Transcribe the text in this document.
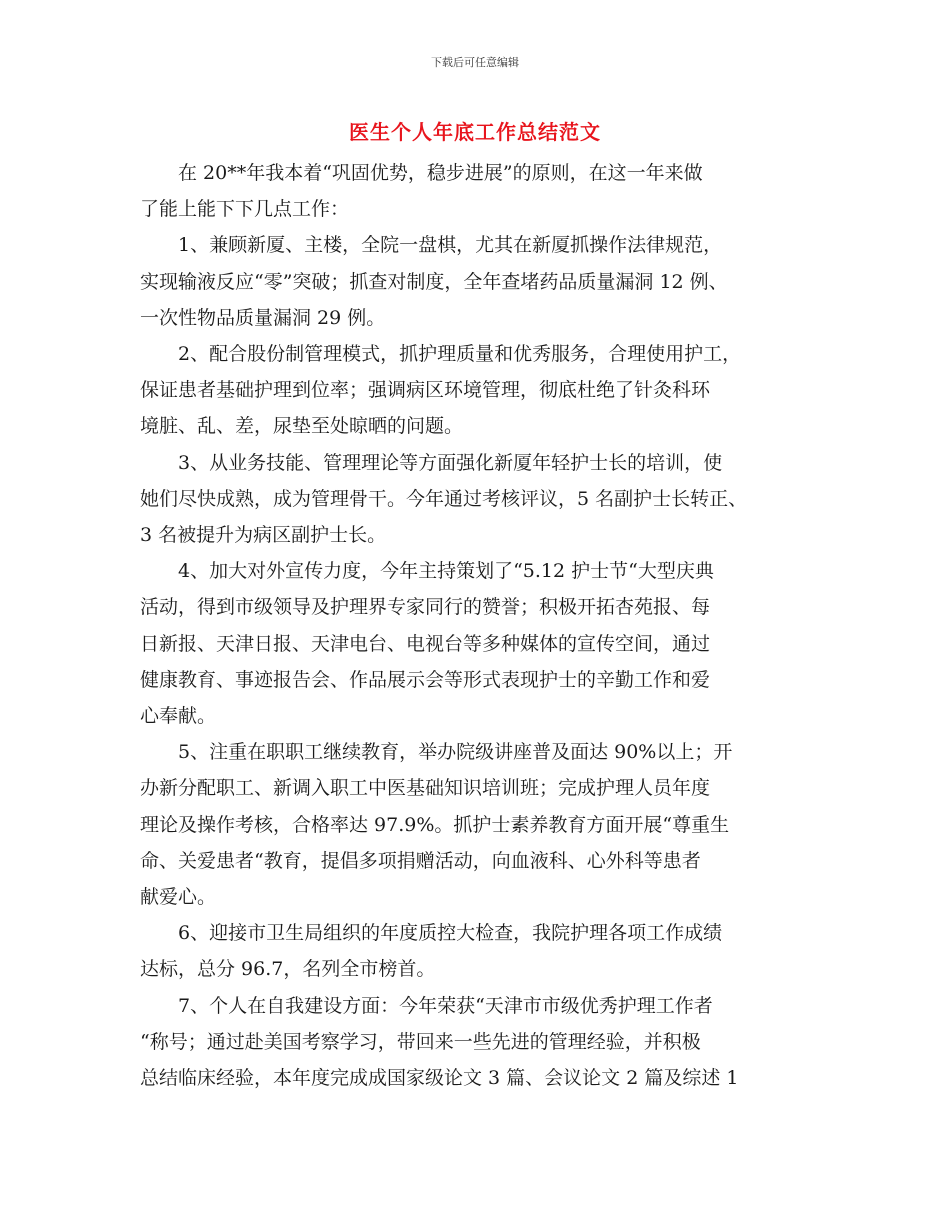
下载后可任意编辑
医生个人年底工作总结范文

在 20**年我本着“巩固优势，稳步进展”的原则，在这一年来做
了能上能下下几点工作：

1、兼顾新厦、主楼，全院一盘棋，尤其在新厦抓操作法律规范，
实现输液反应“零”突破；抓查对制度，全年查堵药品质量漏洞 12 例、
一次性物品质量漏洞 29 例。

2、配合股份制管理模式，抓护理质量和优秀服务，合理使用护工，
保证患者基础护理到位率；强调病区环境管理，彻底杜绝了针灸科环
境脏、乱、差，尿垫至处晾晒的问题。

3、从业务技能、管理理论等方面强化新厦年轻护士长的培训，使
她们尽快成熟，成为管理骨干。今年通过考核评议，5 名副护士长转正、
3 名被提升为病区副护士长。

4、加大对外宣传力度，今年主持策划了“5.12 护士节“大型庆典
活动，得到市级领导及护理界专家同行的赞誉；积极开拓杏苑报、每
日新报、天津日报、天津电台、电视台等多种媒体的宣传空间，通过
健康教育、事迹报告会、作品展示会等形式表现护士的辛勤工作和爱
心奉献。

5、注重在职职工继续教育，举办院级讲座普及面达 90%以上；开
办新分配职工、新调入职工中医基础知识培训班；完成护理人员年度
理论及操作考核，合格率达 97.9%。抓护士素养教育方面开展“尊重生
命、关爱患者“教育，提倡多项捐赠活动，向血液科、心外科等患者
献爱心。

6、迎接市卫生局组织的年度质控大检查，我院护理各项工作成绩
达标，总分 96.7，名列全市榜首。

7、个人在自我建设方面：今年荣获“天津市市级优秀护理工作者
“称号；通过赴美国考察学习，带回来一些先进的管理经验，并积极
总结临床经验，本年度完成成国家级论文 3 篇、会议论文 2 篇及综述 1
